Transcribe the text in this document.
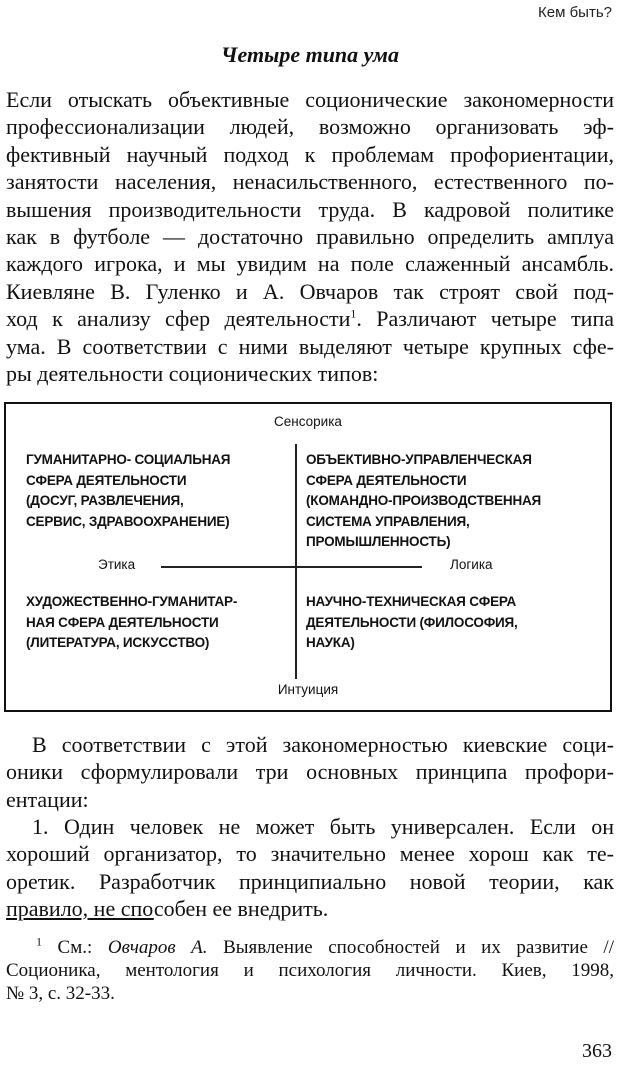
Кем быть?
Четыре типа ума
Если отыскать объективные соционические закономерности
профессионализации людей, возможно организовать эф-
фективный научный подход к проблемам профориентации,
занятости населения, ненасильственного, естественного по-
вышения производительности труда. В кадровой политике
как в футболе — достаточно правильно определить амплуа
каждого игрока, и мы увидим на поле слаженный ансамбль.
Киевляне В. Гуленко и А. Овчаров так строят свой под-
ход к анализу сфер деятельности$^1$. Различают четыре типа
ума. В соответствии с ними выделяют четыре крупных сфе-
ры деятельности соционических типов:
Сенсорика
ГУМАНИТАРНО- СОЦИАЛЬНАЯ
СФЕРА ДЕЯТЕЛЬНОСТИ
(ДОСУГ, РАЗВЛЕЧЕНИЯ,
СЕРВИС, ЗДРАВООХРАНЕНИЕ)
ОБЪЕКТИВНО-УПРАВЛЕНЧЕСКАЯ
СФЕРА ДЕЯТЕЛЬНОСТИ
(КОМАНДНО-ПРОИЗВОДСТВЕННАЯ
СИСТЕМА УПРАВЛЕНИЯ,
ПРОМЫШЛЕННОСТЬ)
Этика	Логика
ХУДОЖЕСТВЕННО-ГУМАНИТАР-
НАЯ СФЕРА ДЕЯТЕЛЬНОСТИ
(ЛИТЕРАТУРА, ИСКУССТВО)
НАУЧНО-ТЕХНИЧЕСКАЯ СФЕРА
ДЕЯТЕЛЬНОСТИ (ФИЛОСОФИЯ,
НАУКА)
Интуиция
В соответствии с этой закономерностью киевские соци-
оники сформулировали три основных принципа профори-
ентации:
1. Один человек не может быть универсален. Если он
хороший организатор, то значительно менее хорош как те-
оретик. Разработчик принципиально новой теории, как
правило, не способен ее внедрить.
$^1$ См.: Овчаров А. Выявление способностей и их развитие //
Соционика, ментология и психология личности. Киев, 1998,
№ 3, с. 32-33.
363
